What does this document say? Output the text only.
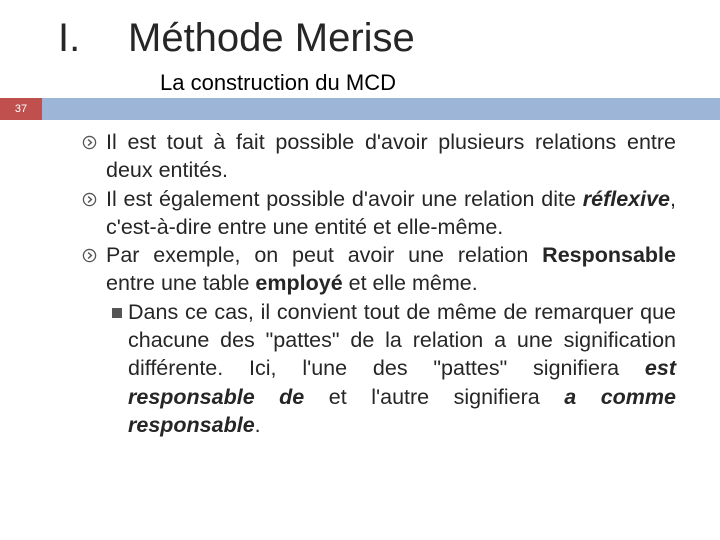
I. Méthode Merise
La construction du MCD
37
Il est tout à fait possible d'avoir plusieurs relations entre deux entités.
Il est également possible d'avoir une relation dite réflexive, c'est-à-dire entre une entité et elle-même.
Par exemple, on peut avoir une relation Responsable entre une table employé et elle même.
Dans ce cas, il convient tout de même de remarquer que chacune des "pattes" de la relation a une signification différente. Ici, l'une des "pattes" signifiera est responsable de et l'autre signifiera a comme responsable.
